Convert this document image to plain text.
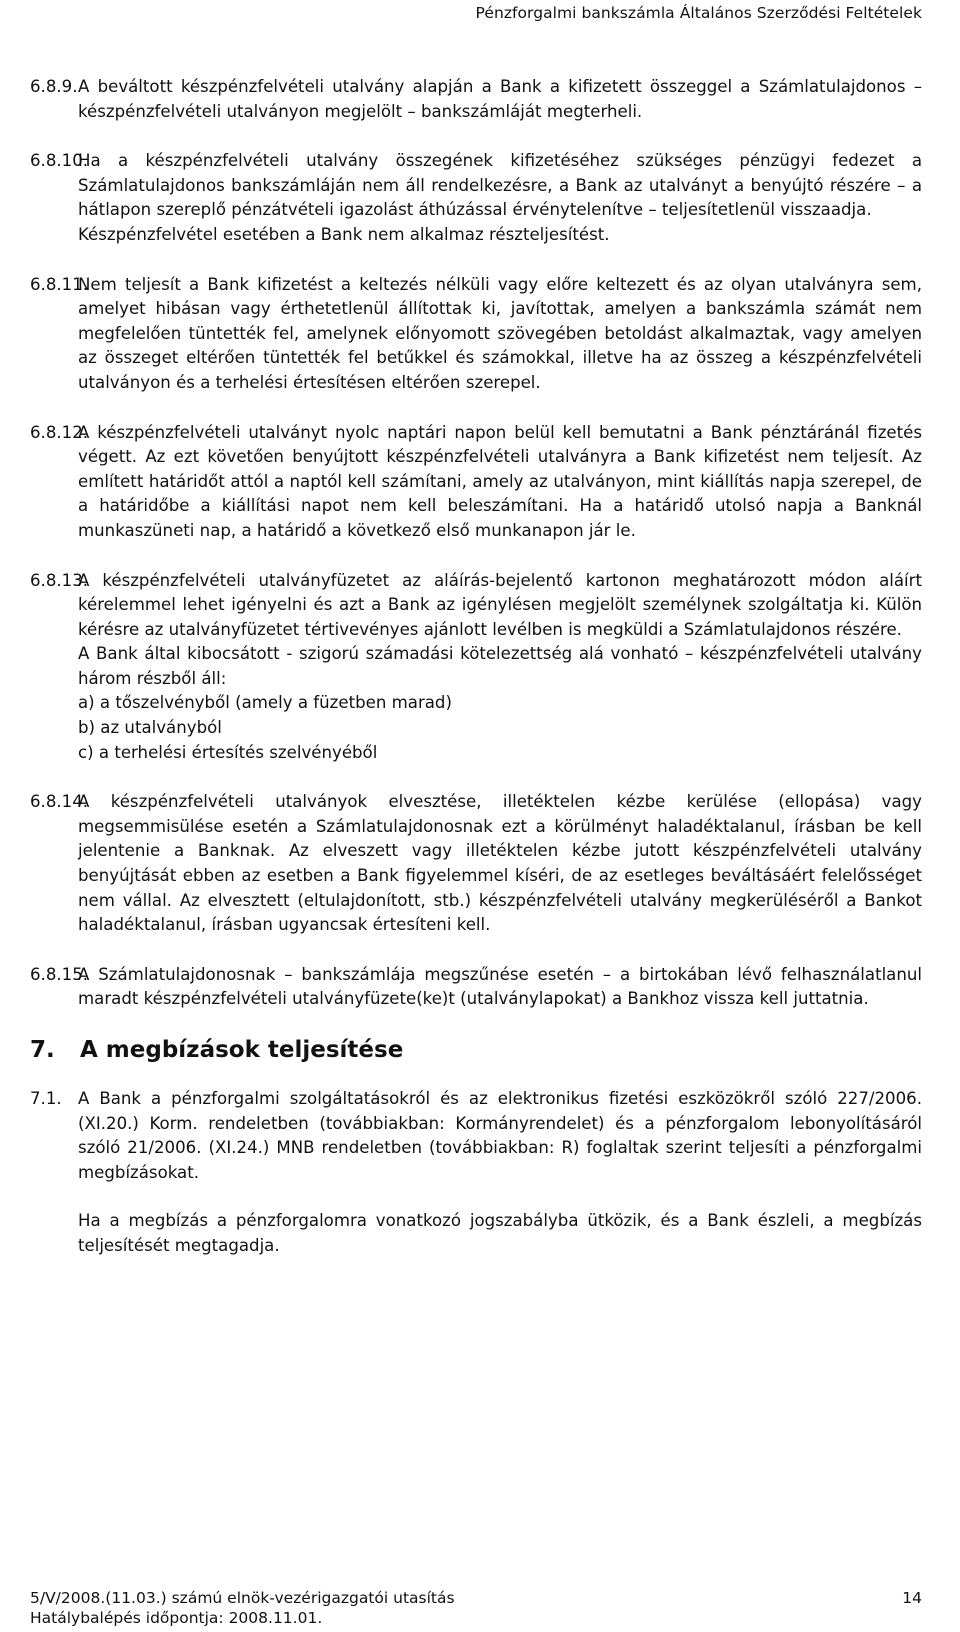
Pénzforgalmi bankszámla Általános Szerződési Feltételek
6.8.9. A beváltott készpénzfelvételi utalvány alapján a Bank a kifizetett összeggel a Számlatulajdonos – készpénzfelvételi utalványon megjelölt – bankszámláját megterheli.

6.8.10.

Ha a készpénzfelvételi utalvány összegének kifizetéséhez szükséges pénzügyi fedezet a Számlatulajdonos bankszámláján nem áll rendelkezésre, a Bank az utalványt a benyújtó részére – a hátlapon szereplő pénzátvételi igazolást áthúzással érvénytelenítve – teljesítetlenül visszaadja.

Készpénzfelvétel esetében a Bank nem alkalmaz részteljesítést.

6.8.11.

Nem teljesít a Bank kifizetést a keltezés nélküli vagy előre keltezett és az olyan utalványra sem, amelyet hibásan vagy érthetetlenül állítottak ki, javítottak, amelyen a bankszámla számát nem megfelelően tüntették fel, amelynek előnyomott szövegében betoldást alkalmaztak, vagy amelyen az összeget eltérően tüntették fel betűkkel és számokkal, illetve ha az összeg a készpénzfelvételi utalványon és a terhelési értesítésen eltérően szerepel.

6.8.12.

A készpénzfelvételi utalványt nyolc naptári napon belül kell bemutatni a Bank pénztáránál fizetés végett. Az ezt követően benyújtott készpénzfelvételi utalványra a Bank kifizetést nem teljesít. Az említett határidőt attól a naptól kell számítani, amely az utalványon, mint kiállítás napja szerepel, de a határidőbe a kiállítási napot nem kell beleszámítani. Ha a határidő utolsó napja a Banknál munkaszüneti nap, a határidő a következő első munkanapon jár le.

6.8.13.

A készpénzfelvételi utalványfüzetet az aláírás-bejelentő kartonon meghatározott módon aláírt kérelemmel lehet igényelni és azt a Bank az igénylésen megjelölt személynek szolgáltatja ki. Külön kérésre az utalványfüzetet tértivevényes ajánlott levélben is megküldi a Számlatulajdonos részére.

A Bank által kibocsátott - szigorú számadási kötelezettség alá vonható – készpénzfelvételi utalvány három részből áll:

a) a tőszelvényből (amely a füzetben marad)

b) az utalványból

c) a terhelési értesítés szelvényéből

6.8.14.

A készpénzfelvételi utalványok elvesztése, illetéktelen kézbe kerülése (ellopása) vagy megsemmisülése esetén a Számlatulajdonosnak ezt a körülményt haladéktalanul, írásban be kell jelentenie a Banknak. Az elveszett vagy illetéktelen kézbe jutott készpénzfelvételi utalvány benyújtását ebben az esetben a Bank figyelemmel kíséri, de az esetleges beváltásáért felelősséget nem vállal. Az elvesztett (eltulajdonított, stb.) készpénzfelvételi utalvány megkerüléséről a Bankot haladéktalanul, írásban ugyancsak értesíteni kell.

6.8.15.

A Számlatulajdonosnak – bankszámlája megszűnése esetén – a birtokában lévő felhasználatlanul maradt készpénzfelvételi utalványfüzete(ke)t (utalványlapokat) a Bankhoz vissza kell juttatnia.

7.	A megbízások teljesítése
7.1. A Bank a pénzforgalmi szolgáltatásokról és az elektronikus fizetési eszközökről szóló 227/2006. (XI.20.) Korm. rendeletben (továbbiakban: Kormányrendelet) és a pénzforgalom lebonyolításáról szóló 21/2006. (XI.24.) MNB rendeletben (továbbiakban: R) foglaltak szerint teljesíti a pénzforgalmi megbízásokat.

Ha a megbízás a pénzforgalomra vonatkozó jogszabályba ütközik, és a Bank észleli, a megbízás teljesítését megtagadja.

5/V/2008.(11.03.) számú elnök-vezérigazgatói utasítás
Hatálybalépés időpontja: 2008.11.01.
14
